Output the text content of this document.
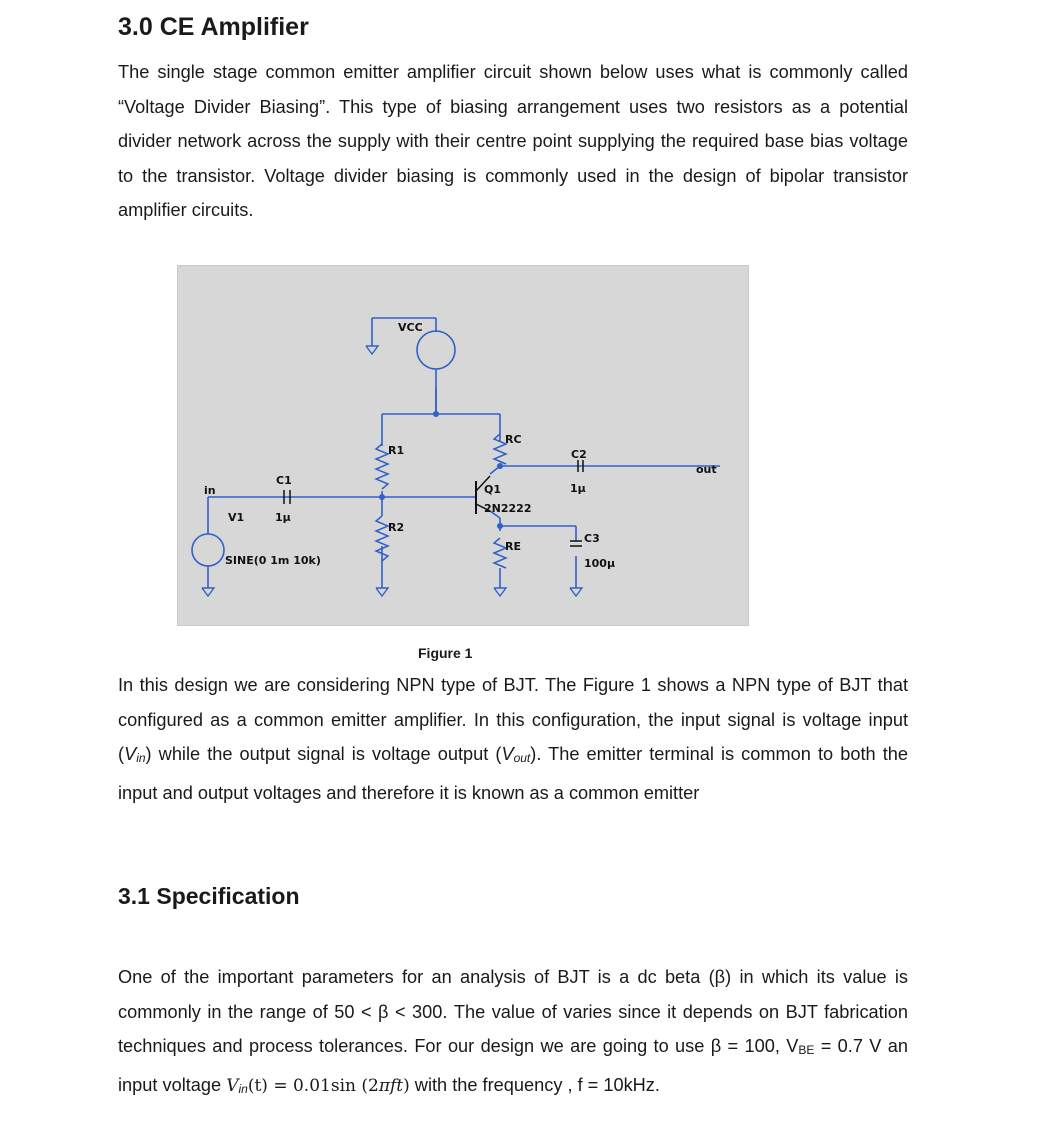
3.0 CE Amplifier

The single stage common emitter amplifier circuit shown below uses what is commonly called “Voltage Divider Biasing”. This type of biasing arrangement uses two resistors as a potential divider network across the supply with their centre point supplying the required base bias voltage to the transistor. Voltage divider biasing is commonly used in the design of bipolar transistor amplifier circuits.

VCC
R1
R2
RC
RE
C1
1µ
C2
1µ
C3
100µ
V1
SINE(0 1m 10k)
Q1
2N2222
in
out
Figure 1

In this design we are considering NPN type of BJT. The Figure 1 shows a NPN type of BJT that configured as a common emitter amplifier. In this configuration, the input signal is voltage input (Vin) while the output signal is voltage output (Vout). The emitter terminal is common to both the input and output voltages and therefore it is known as a common emitter

3.1 Specification

One of the important parameters for an analysis of BJT is a dc beta (β) in which its value is commonly in the range of 50 < β < 300. The value of varies since it depends on BJT fabrication techniques and process tolerances. For our design we are going to use β = 100, VBE = 0.7 V an input voltage Vin(t) = 0.01sin (2πft) with the frequency , f = 10kHz.
